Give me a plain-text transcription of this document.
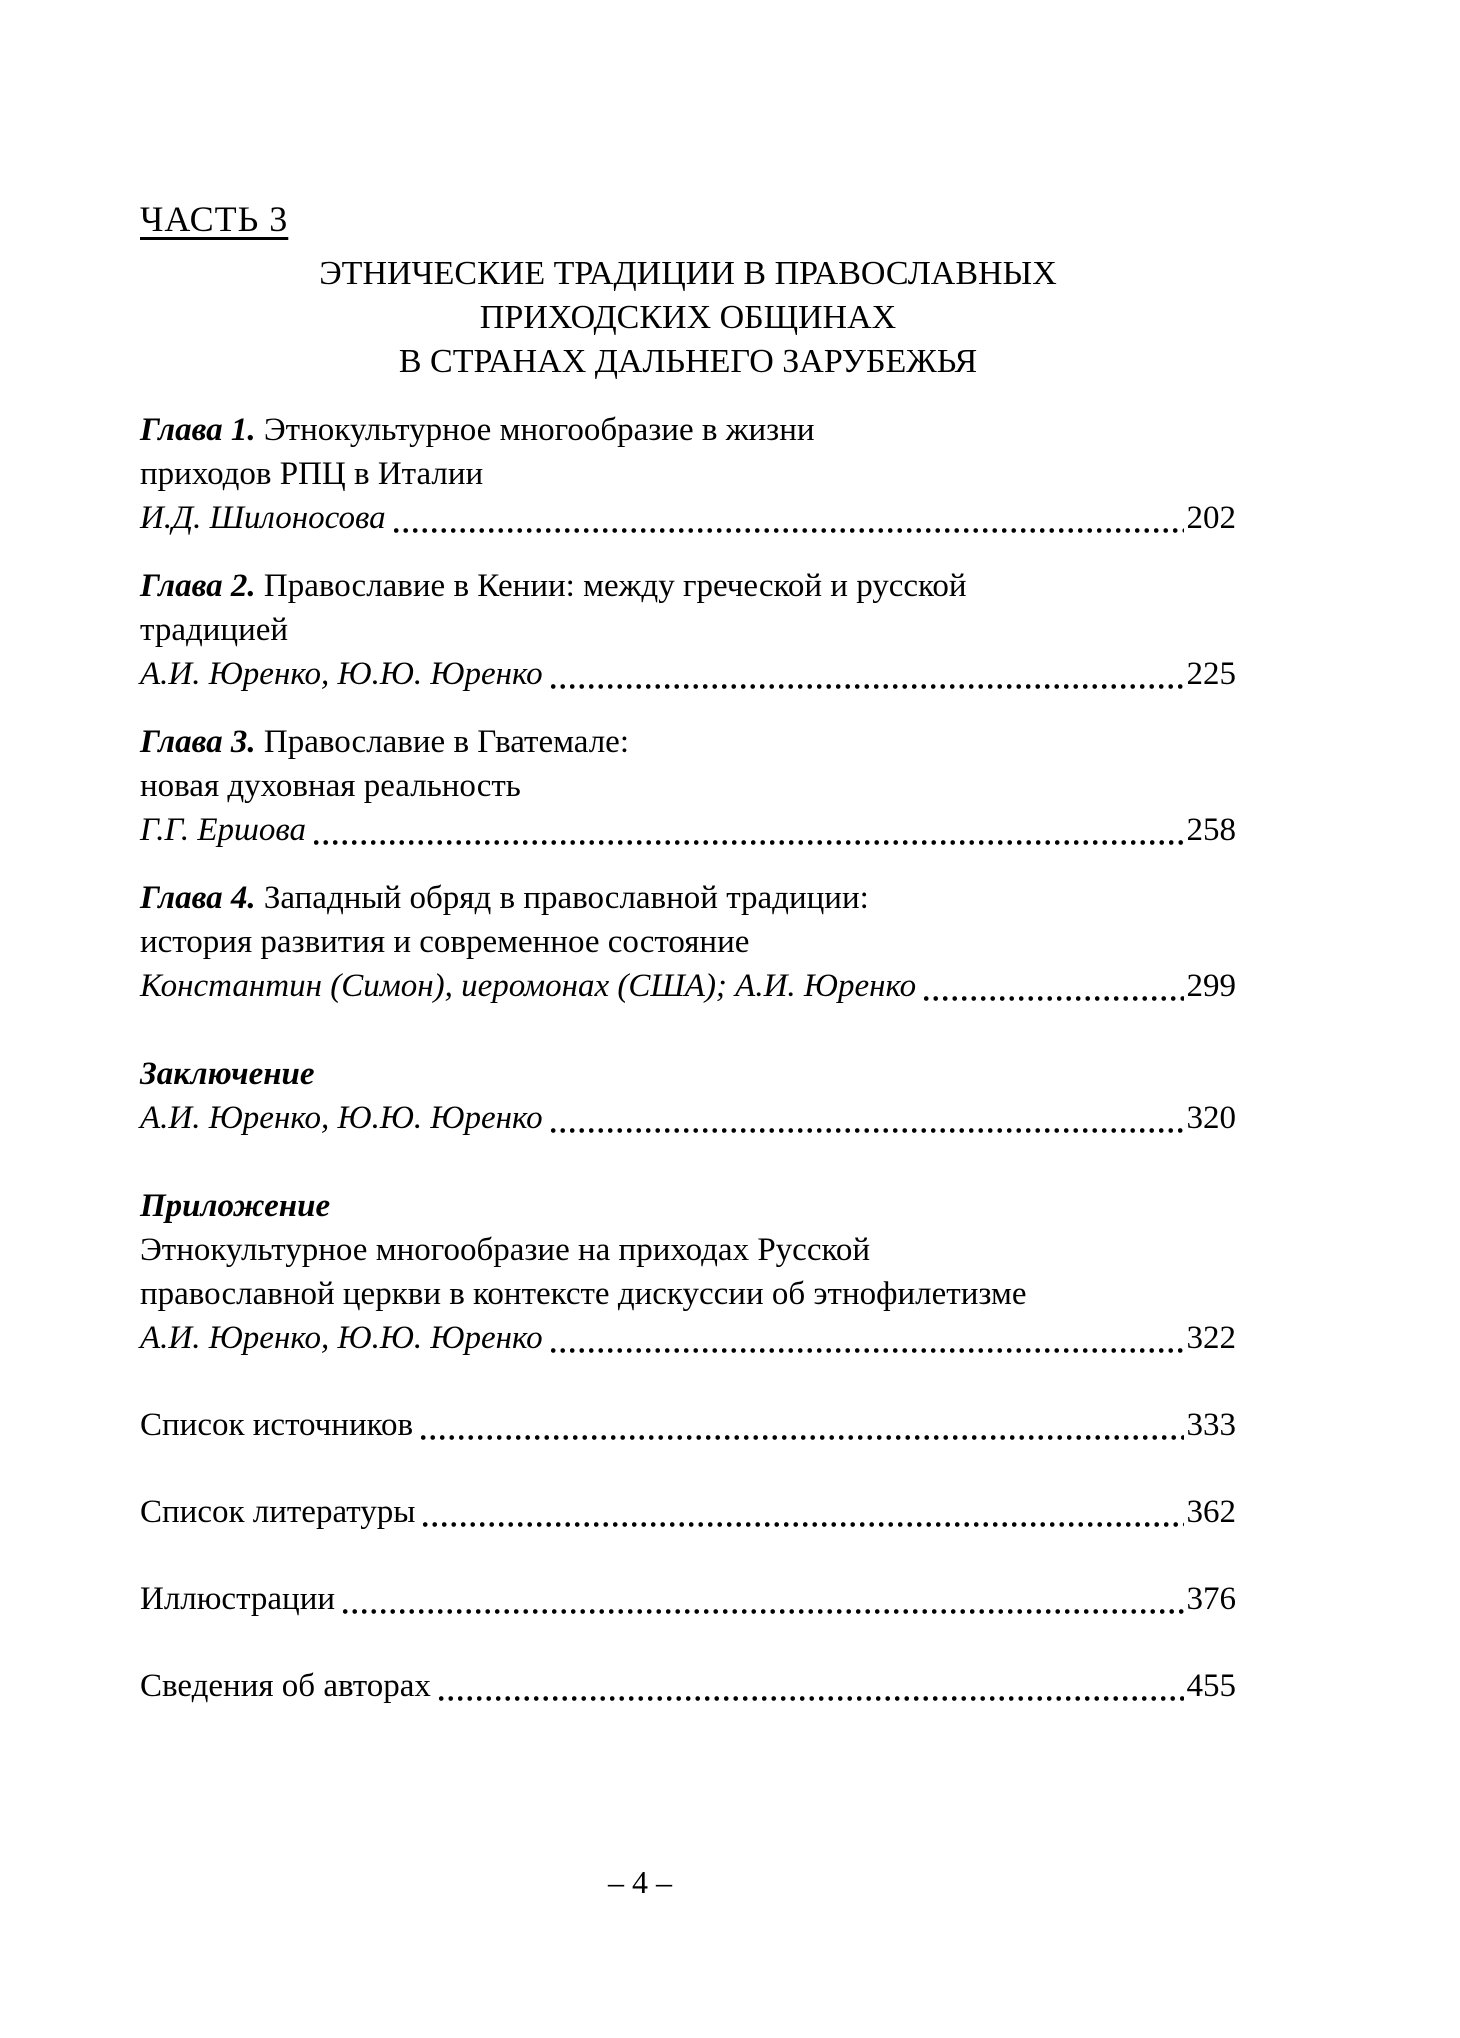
ЧАСТЬ 3
ЭТНИЧЕСКИЕ ТРАДИЦИИ В ПРАВОСЛАВНЫХ
ПРИХОДСКИХ ОБЩИНАХ
В СТРАНАХ ДАЛЬНЕГО ЗАРУБЕЖЬЯ
Глава 1. Этнокультурное многообразие в жизни
приходов РПЦ в Италии
И.Д. Шилоносова	202
Глава 2. Православие в Кении: между греческой и русской
традицией
А.И. Юренко, Ю.Ю. Юренко	225
Глава 3. Православие в Гватемале:
новая духовная реальность
Г.Г. Ершова	258
Глава 4. Западный обряд в православной традиции:
история развития и современное состояние
Константин (Симон), иеромонах (США); А.И. Юренко	299
Заключение
А.И. Юренко, Ю.Ю. Юренко	320
Приложение
Этнокультурное многообразие на приходах Русской
православной церкви в контексте дискуссии об этнофилетизме
А.И. Юренко, Ю.Ю. Юренко	322
Список источников	333
Список литературы	362
Иллюстрации	376
Сведения об авторах	455
– 4 –
